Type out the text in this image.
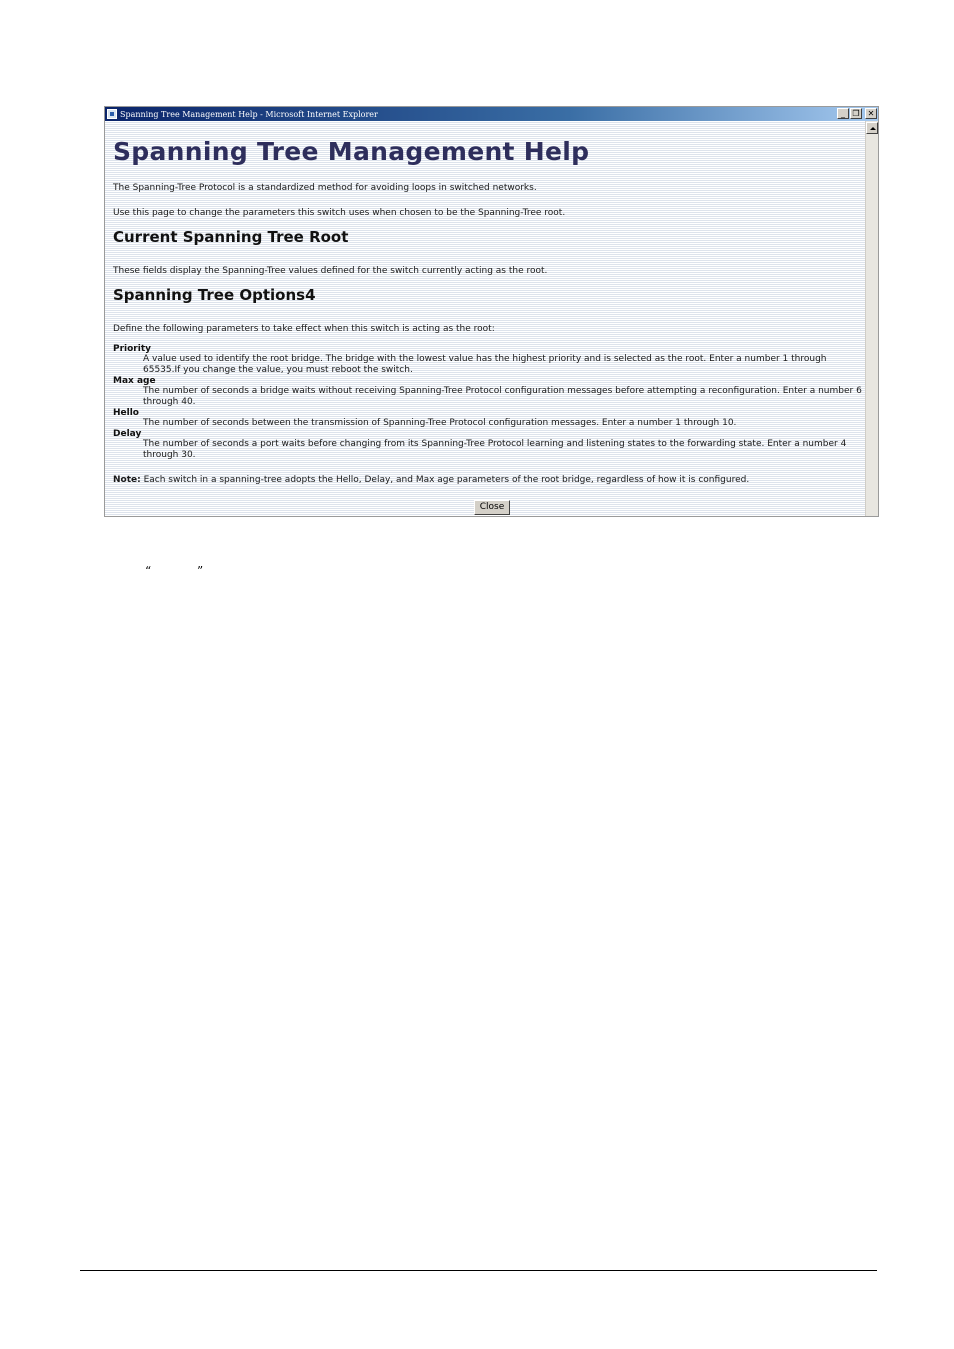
Spanning Tree Management Help - Microsoft Internet Explorer	_ ❐	✕
Spanning Tree Management Help
The Spanning-Tree Protocol is a standardized method for avoiding loops in switched networks.
Use this page to change the parameters this switch uses when chosen to be the Spanning-Tree root.
Current Spanning Tree Root
These fields display the Spanning-Tree values defined for the switch currently acting as the root.
Spanning Tree Options4
Define the following parameters to take effect when this switch is acting as the root:
Priority
A value used to identify the root bridge. The bridge with the lowest value has the highest priority and is selected as the root. Enter a number 1 through 65535.If you change the value, you must reboot the switch.
Max age
The number of seconds a bridge waits without receiving Spanning-Tree Protocol configuration messages before attempting a reconfiguration. Enter a number 6 through 40.
Hello
The number of seconds between the transmission of Spanning-Tree Protocol configuration messages. Enter a number 1 through 10.
Delay
The number of seconds a port waits before changing from its Spanning-Tree Protocol learning and listening states to the forwarding state. Enter a number 4 through 30.
Note: Each switch in a spanning-tree adopts the Hello, Delay, and Max age parameters of the root bridge, regardless of how it is configured.
Close
“	”
